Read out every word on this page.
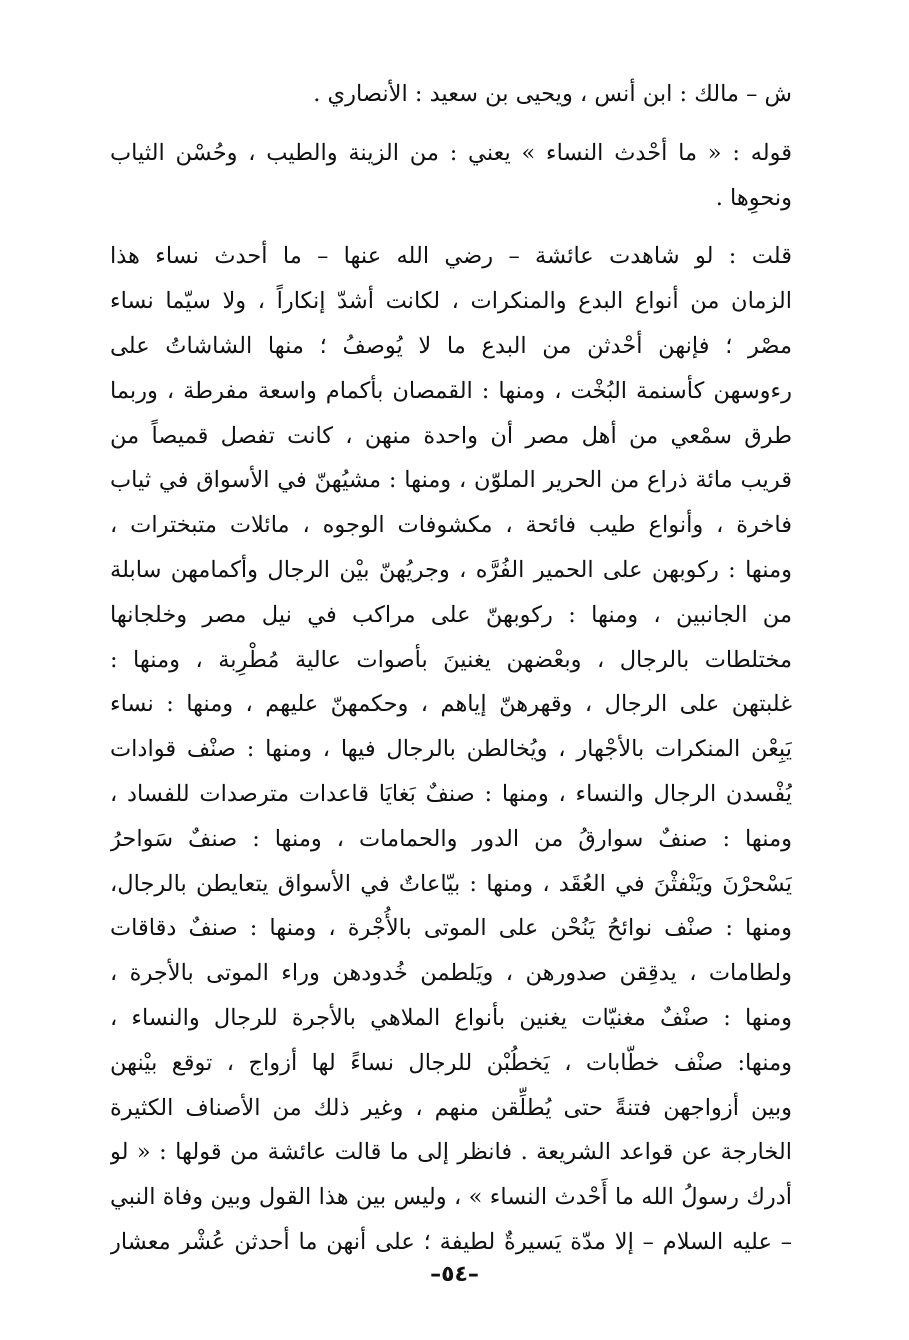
ش – مالك : ابن أنس ، ويحيى بن سعيد : الأنصاري .
قوله : « ما أحْدث النساء » يعني : من الزينة والطيب ، وحُسْن الثياب
ونحوِها .
قلت : لو شاهدت عائشة – رضي الله عنها – ما أحدث نساء هذا
الزمان من أنواع البدع والمنكرات ، لكانت أشدّ إنكاراً ، ولا سيّما نساء
مصْر ؛ فإنهن أحْدثن من البدع ما لا يُوصفُ ؛ منها الشاشاتُ على
رءوسهن كأسنمة البُخْت ، ومنها : القمصان بأكمام واسعة مفرطة ، وربما
طرق سمْعي من أهل مصر أن واحدة منهن ، كانت تفصل قميصاً من
قريب مائة ذراع من الحرير الملوّن ، ومنها : مشيُهنّ في الأسواق في ثياب
فاخرة ، وأنواع طيب فائحة ، مكشوفات الوجوه ، مائلات متبخترات ،
ومنها : ركوبهن على الحمير الفُرَّه ، وجريُهنّ بيْن الرجال وأكمامهن سابلة
من الجانبين ، ومنها : ركوبهنّ على مراكب في نيل مصر وخلجانها
مختلطات بالرجال ، وبعْضهن يغنينَ بأصوات عالية مُطْرِبة ، ومنها :
غلبتهن على الرجال ، وقهرهنّ إياهم ، وحكمهنّ عليهم ، ومنها : نساء
يَبِعْن المنكرات بالأجْهار ، ويُخالطن بالرجال فيها ، ومنها : صنْف قوادات
يُفْسدن الرجال والنساء ، ومنها : صنفٌ بَغايَا قاعدات مترصدات للفساد ،
ومنها : صنفٌ سوارقُ من الدور والحمامات ، ومنها : صنفٌ سَواحرُ
يَسْحرْنَ ويَنْفثْنَ في العُقَد ، ومنها : بيّاعاتٌ في الأسواق يتعايطن بالرجال،
ومنها : صنْف نوائحُ يَنُحْن على الموتى بالأُجْرة ، ومنها : صنفٌ دقاقات
ولطامات ، يدقِقن صدورهن ، ويَلطمن خُدودهن وراء الموتى بالأجرة ،
ومنها : صنْفٌ مغنيّات يغنين بأنواع الملاهي بالأجرة للرجال والنساء ،
ومنها: صنْف خطّابات ، يَخطُبْن للرجال نساءً لها أزواج ، توقع بيْنهن
وبين أزواجهن فتنةً حتى يُطلِّقن منهم ، وغير ذلك من الأصناف الكثيرة
الخارجة عن قواعد الشريعة . فانظر إلى ما قالت عائشة من قولها : « لو
أدرك رسولُ الله ما أَحْدث النساء » ، وليس بين هذا القول وبين وفاة النبي
– عليه السلام – إلا مدّة يَسيرةٌ لطيفة ؛ على أنهن ما أحدثن عُشْر معشار
–٥٤–
